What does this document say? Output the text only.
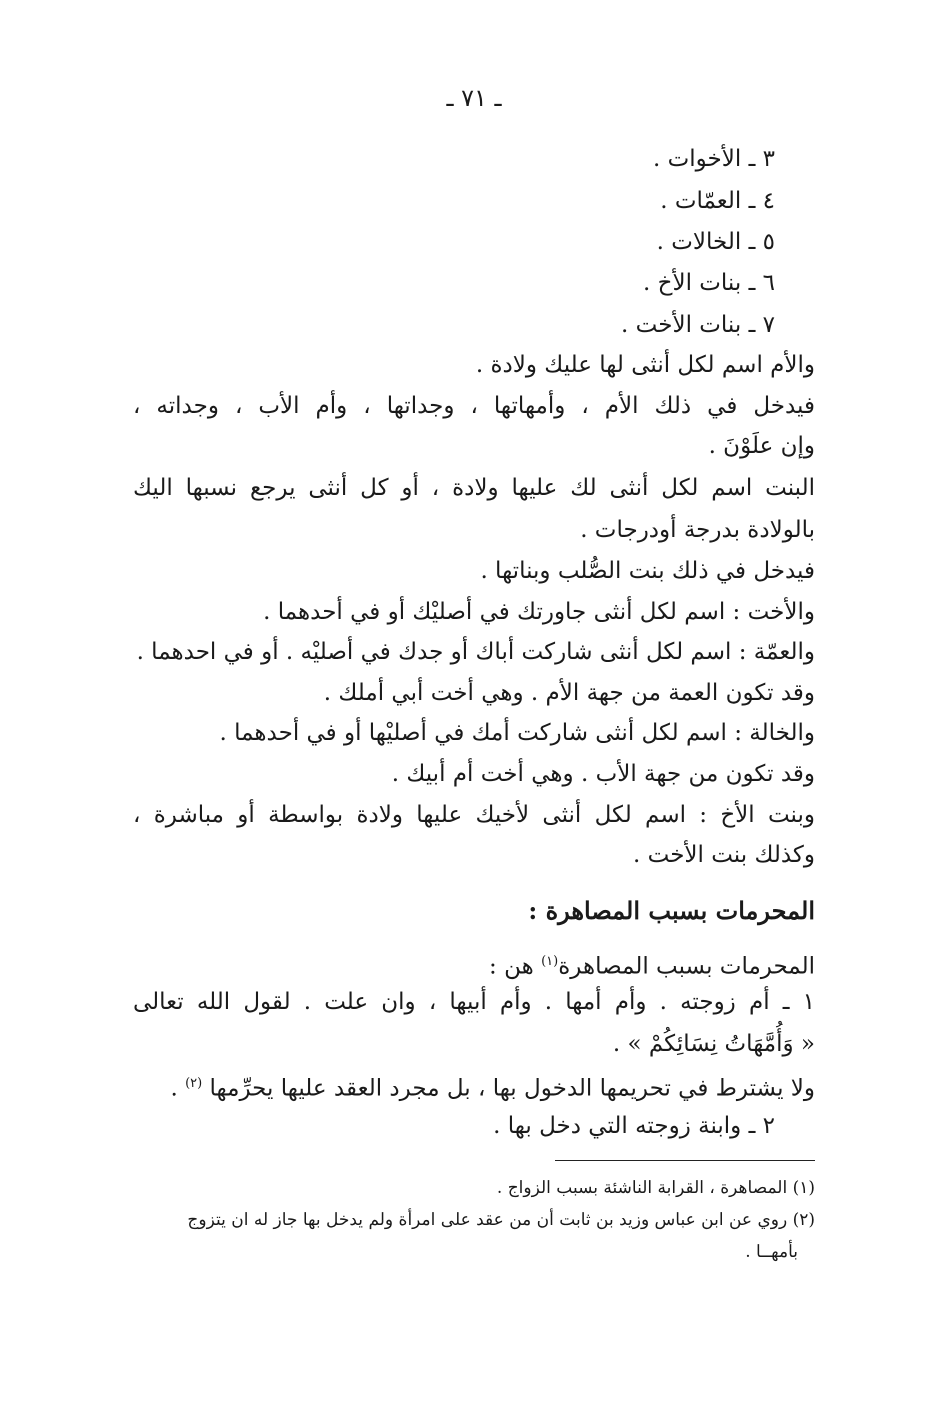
ـ ٧١ ـ
٣ ـ الأخوات .
٤ ـ العمّات .
٥ ـ الخالات .
٦ ـ بنات الأخ .
٧ ـ بنات الأخت .
والأم اسم لكل أنثى لها عليك ولادة .
فيدخل في ذلك الأم ، وأمهاتها ، وجداتها ، وأم الأب ، وجداته ،
وإن علَوْنَ .
البنت اسم لكل أنثى لك عليها ولادة ، أو كل أنثى يرجع نسبها اليك
بالولادة بدرجة أودرجات .
فيدخل في ذلك بنت الصُّلب وبناتها .
والأخت : اسم لكل أنثى جاورتك في أصليْك أو في أحدهما .
والعمّة : اسم لكل أنثى شاركت أباك أو جدك في أصليْه . أو في احدهما .
وقد تكون العمة من جهة الأم . وهي أخت أبي أملك .
والخالة : اسم لكل أنثى شاركت أمك في أصليْها أو في أحدهما .
وقد تكون من جهة الأب . وهي أخت أم أبيك .
وبنت الأخ : اسم لكل أنثى لأخيك عليها ولادة بواسطة أو مباشرة ،
وكذلك بنت الأخت .
المحرمات بسبب المصاهرة :
المحرمات بسبب المصاهرة$^{(١)}$ هن :
١ ـ أم زوجته . وأم أمها . وأم أبيها ، وان علت . لقول الله تعالى
« وَأُمَّهَاتُ نِسَائِكُمْ » .
ولا يشترط في تحريمها الدخول بها ، بل مجرد العقد عليها يحرِّمها $^{(٢)}$ .
٢ ـ وابنة زوجته التي دخل بها .
(١) المصاهرة ، القرابة الناشئة بسبب الزواج .
(٢) روي عن ابن عباس وزيد بن ثابت أن من عقد على امرأة ولم يدخل بها جاز له ان يتزوج
بأمهــا .
